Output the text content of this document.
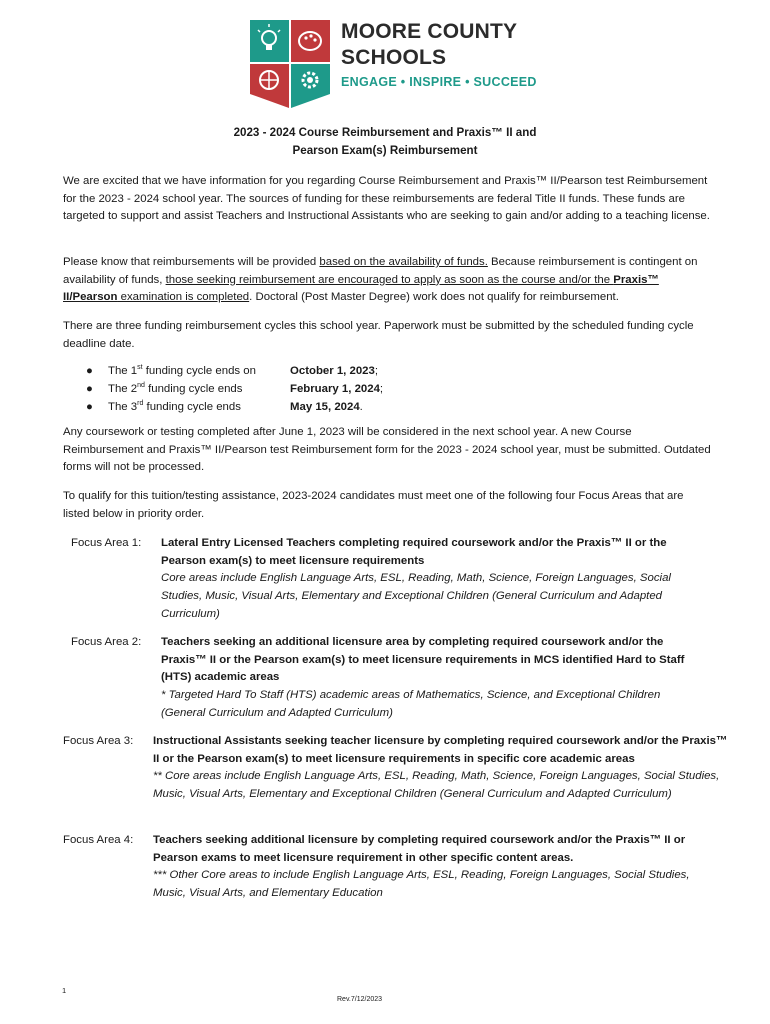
MOORE COUNTY
SCHOOLS
ENGAGE • INSPIRE • SUCCEED
2023 - 2024 Course Reimbursement and Praxis™ II and
Pearson Exam(s) Reimbursement

We are excited that we have information for you regarding Course Reimbursement and Praxis™ II/Pearson test Reimbursement for the 2023 - 2024 school year. The sources of funding for these reimbursements are federal Title II funds. These funds are targeted to support and assist Teachers and Instructional Assistants who are seeking to gain and/or adding to a teaching license.

Please know that reimbursements will be provided based on the availability of funds. Because reimbursement is contingent on availability of funds, those seeking reimbursement are encouraged to apply as soon as the course and/or the Praxis™ II/Pearson examination is completed. Doctoral (Post Master Degree) work does not qualify for reimbursement.

There are three funding reimbursement cycles this school year. Paperwork must be submitted by the scheduled funding cycle deadline date.

● The 1st funding cycle ends on	October 1, 2023;
● The 2nd funding cycle ends	February 1, 2024;
● The 3rd funding cycle ends	May 15, 2024.

Any coursework or testing completed after June 1, 2023 will be considered in the next school year. A new Course Reimbursement and Praxis™ II/Pearson test Reimbursement form for the 2023 - 2024 school year, must be submitted. Outdated forms will not be processed.

To qualify for this tuition/testing assistance, 2023-2024 candidates must meet one of the following four Focus Areas that are listed below in priority order.

Focus Area 1: Lateral Entry Licensed Teachers completing required coursework and/or the Praxis™ II or the Pearson exam(s) to meet licensure requirements
Core areas include English Language Arts, ESL, Reading, Math, Science, Foreign Languages, Social Studies, Music, Visual Arts, Elementary and Exceptional Children (General Curriculum and Adapted Curriculum)

Focus Area 2: Teachers seeking an additional licensure area by completing required coursework and/or the Praxis™ II or the Pearson exam(s) to meet licensure requirements in MCS identified Hard to Staff (HTS) academic areas
* Targeted Hard To Staff (HTS) academic areas of Mathematics, Science, and Exceptional Children (General Curriculum and Adapted Curriculum)

Focus Area 3: Instructional Assistants seeking teacher licensure by completing required coursework and/or the Praxis™ II or the Pearson exam(s) to meet licensure requirements in specific core academic areas
** Core areas include English Language Arts, ESL, Reading, Math, Science, Foreign Languages, Social Studies, Music, Visual Arts, Elementary and Exceptional Children (General Curriculum and Adapted Curriculum)

Focus Area 4: Teachers seeking additional licensure by completing required coursework and/or the Praxis™ II or Pearson exams to meet licensure requirement in other specific content areas.
*** Other Core areas to include English Language Arts, ESL, Reading, Foreign Languages, Social Studies, Music, Visual Arts, and Elementary Education

1
Rev.7/12/2023
